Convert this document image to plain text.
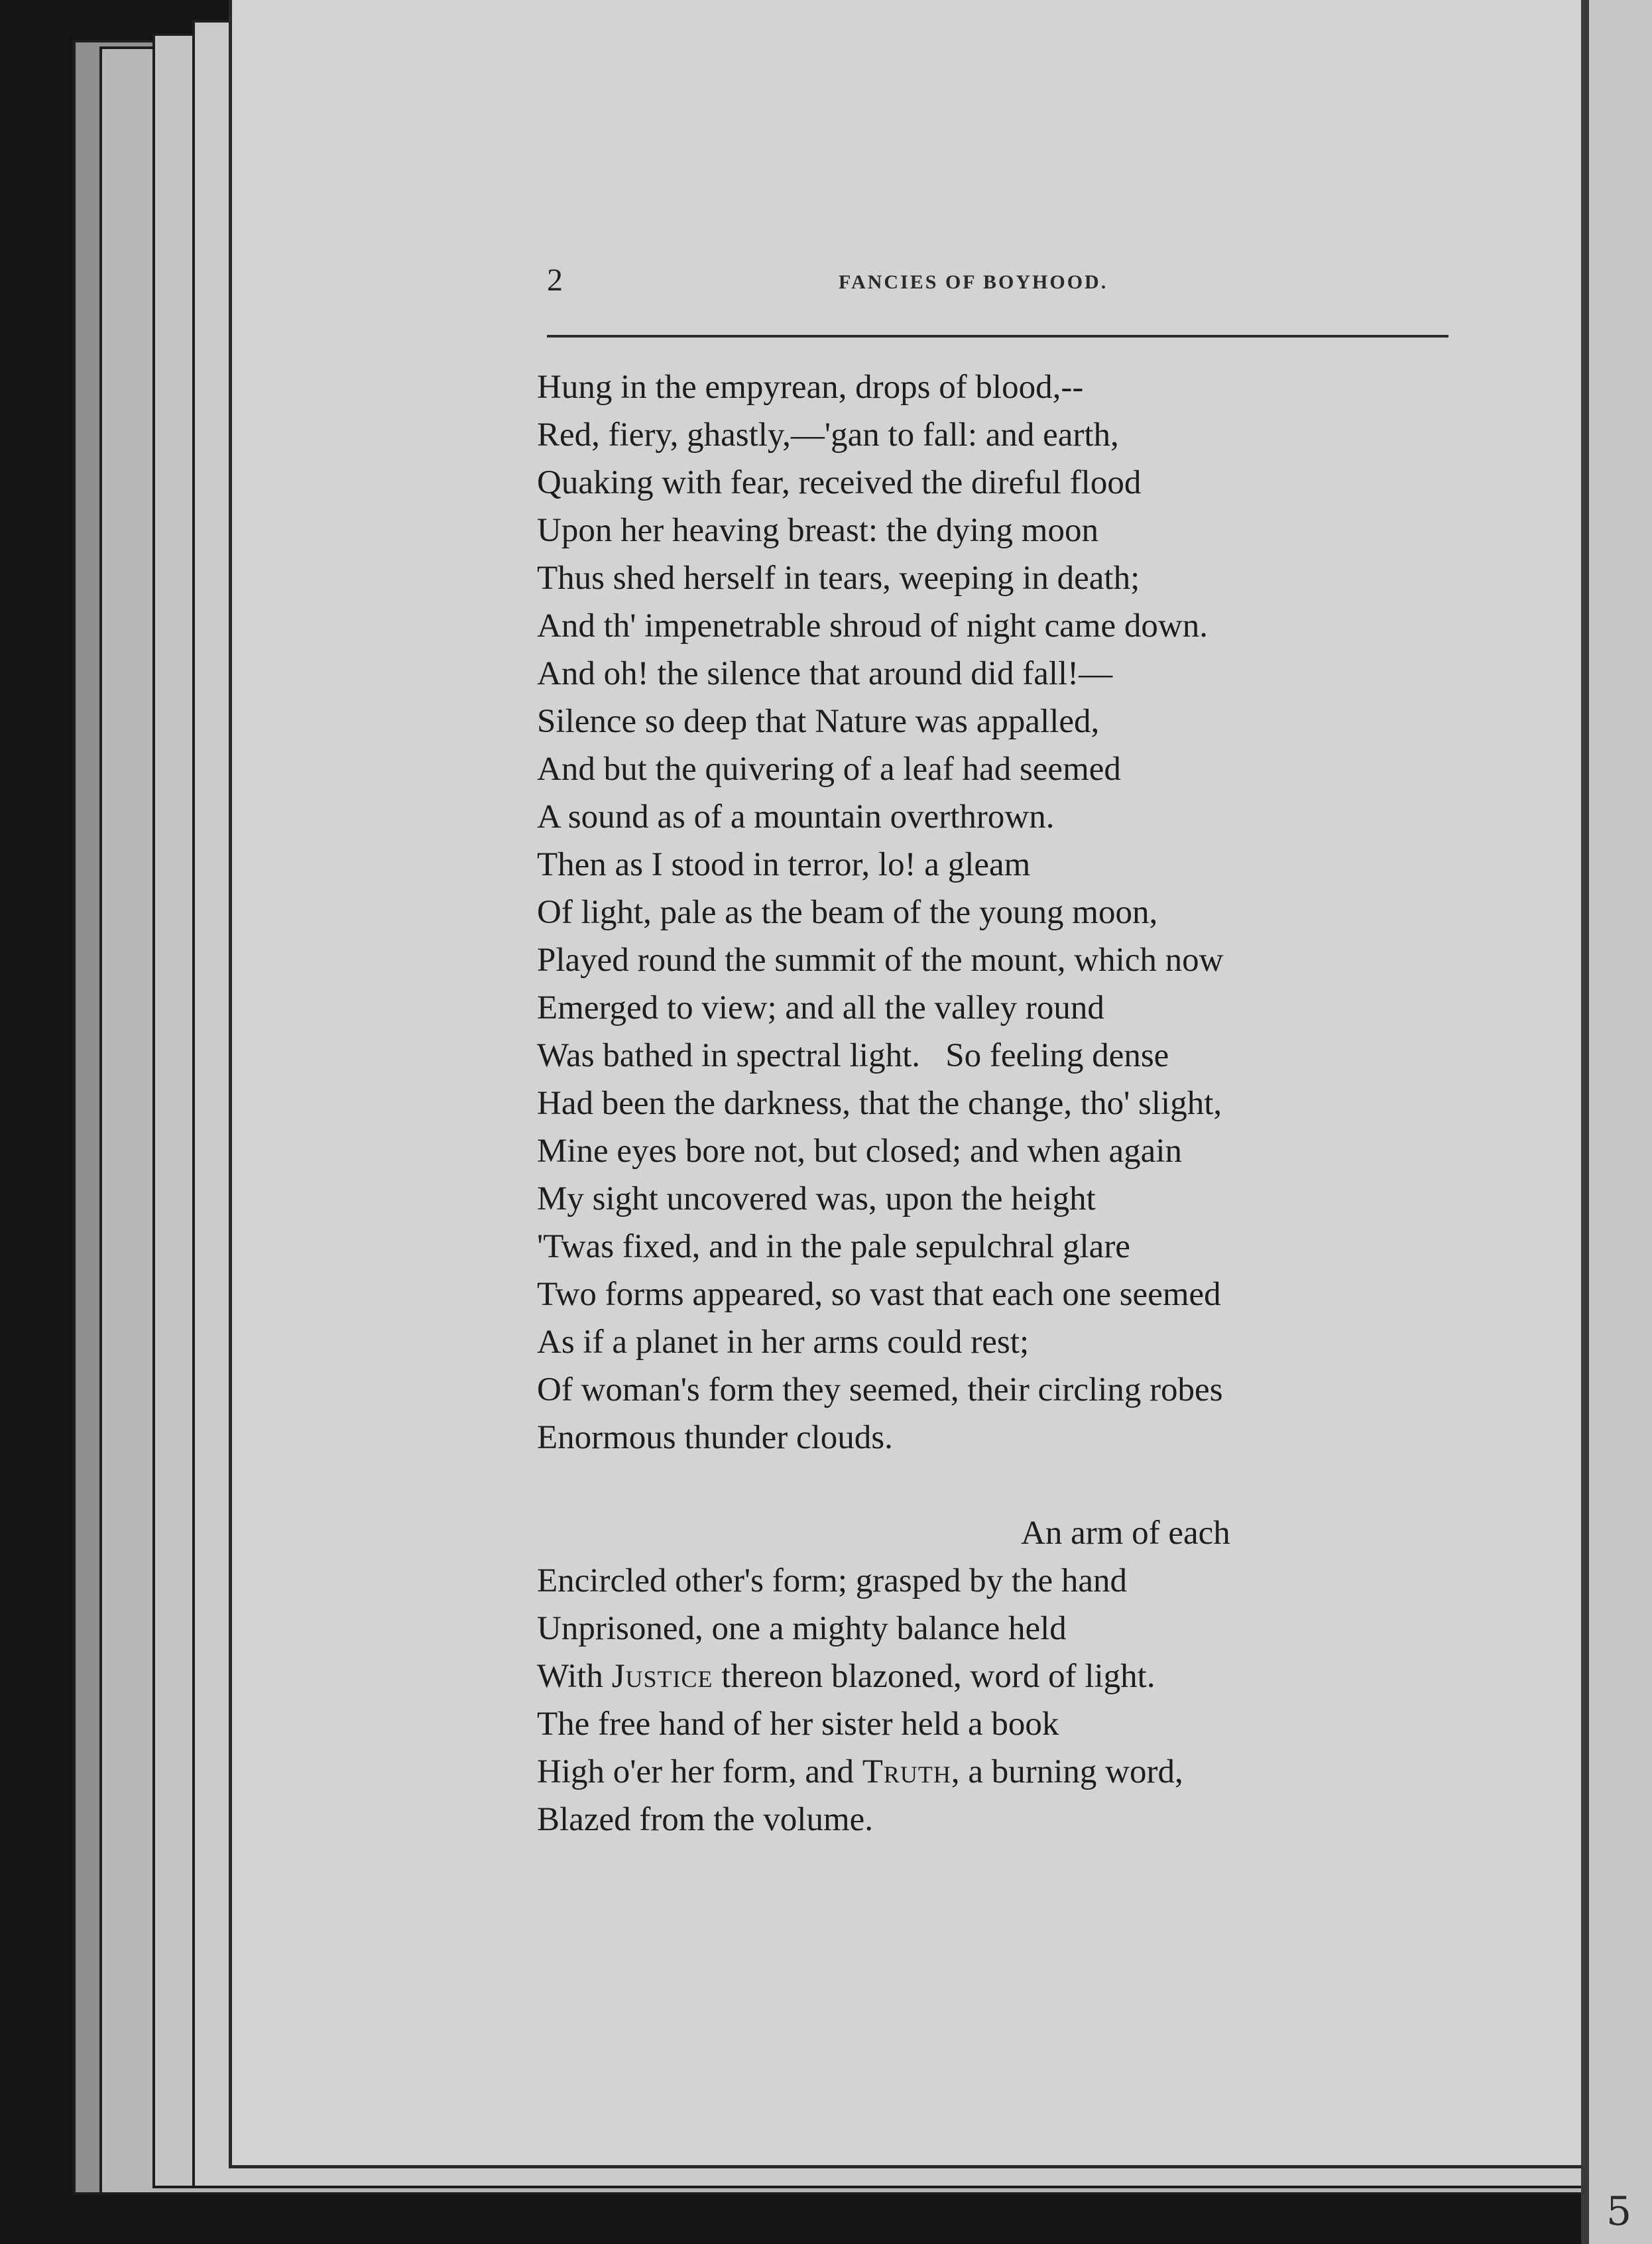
5
2	FANCIES OF BOYHOOD.
Hung in the empyrean, drops of blood,--
Red, fiery, ghastly,—'gan to fall: and earth,
Quaking with fear, received the direful flood
Upon her heaving breast: the dying moon
Thus shed herself in tears, weeping in death;
And th' impenetrable shroud of night came down.
And oh! the silence that around did fall!—
Silence so deep that Nature was appalled,
And but the quivering of a leaf had seemed
A sound as of a mountain overthrown.
Then as I stood in terror, lo! a gleam
Of light, pale as the beam of the young moon,
Played round the summit of the mount, which now
Emerged to view; and all the valley round
Was bathed in spectral light.   So feeling dense
Had been the darkness, that the change, tho' slight,
Mine eyes bore not, but closed; and when again
My sight uncovered was, upon the height
'Twas fixed, and in the pale sepulchral glare
Two forms appeared, so vast that each one seemed
As if a planet in her arms could rest;
Of woman's form they seemed, their circling robes
Enormous thunder clouds.
An arm of each
Encircled other's form; grasped by the hand
Unprisoned, one a mighty balance held
With Justice thereon blazoned, word of light.
The free hand of her sister held a book
High o'er her form, and Truth, a burning word,
Blazed from the volume.
